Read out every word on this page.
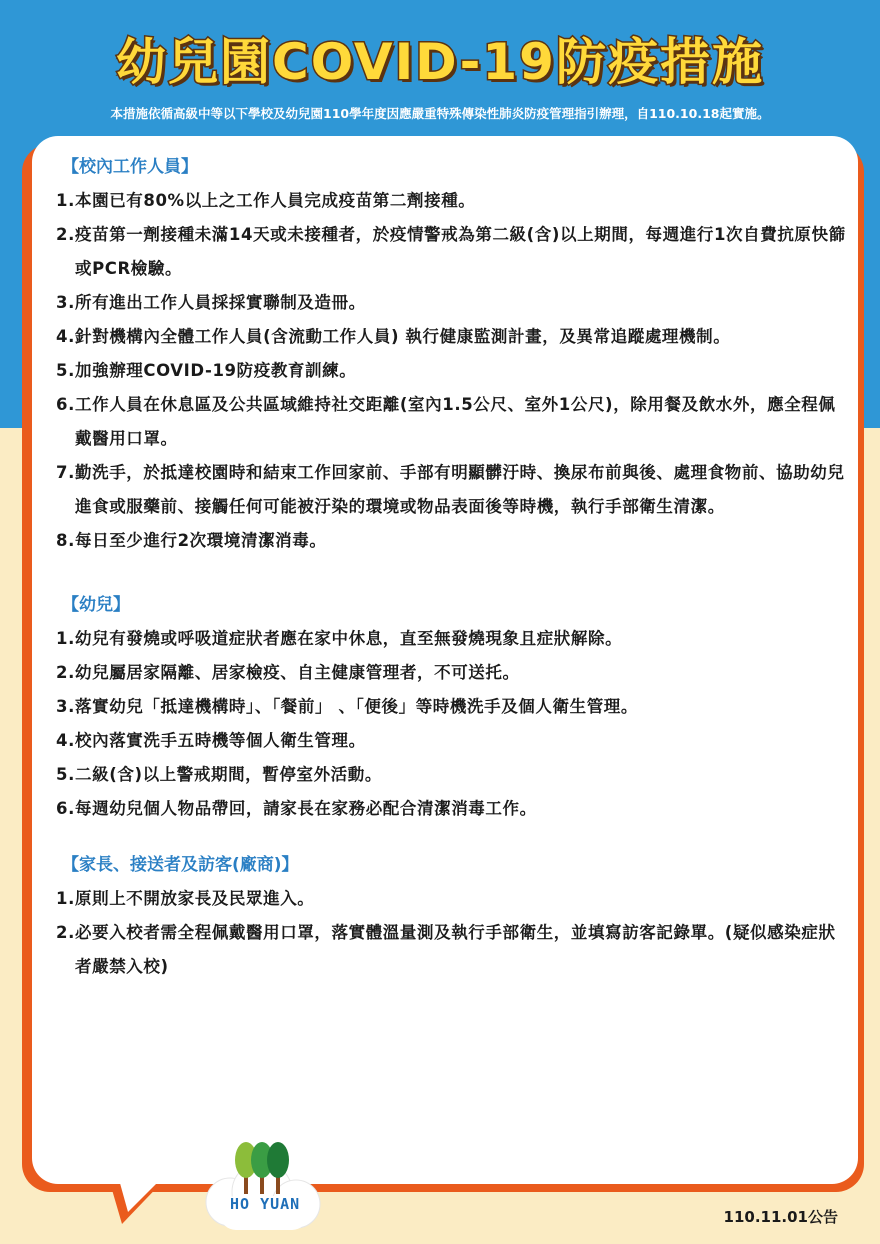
幼兒園COVID-19防疫措施
本措施依循高級中等以下學校及幼兒園110學年度因應嚴重特殊傳染性肺炎防疫管理指引辦理，自110.10.18起實施。
【校內工作人員】
1. 本園已有80%以上之工作人員完成疫苗第二劑接種。
2. 疫苗第一劑接種未滿14天或未接種者，於疫情警戒為第二級(含)以上期間，每週進行1次自費抗原快篩或PCR檢驗。
3. 所有進出工作人員採採實聯制及造冊。
4. 針對機構內全體工作人員(含流動工作人員) 執行健康監測計畫，及異常追蹤處理機制。
5. 加強辦理COVID-19防疫教育訓練。
6. 工作人員在休息區及公共區域維持社交距離(室內1.5公尺、室外1公尺)，除用餐及飲水外，應全程佩戴醫用口罩。
7. 勤洗手，於抵達校園時和結束工作回家前、手部有明顯髒汙時、換尿布前與後、處理食物前、協助幼兒進食或服藥前、接觸任何可能被汙染的環境或物品表面後等時機，執行手部衛生清潔。
8. 每日至少進行2次環境清潔消毒。
【幼兒】
1. 幼兒有發燒或呼吸道症狀者應在家中休息，直至無發燒現象且症狀解除。
2. 幼兒屬居家隔離、居家檢疫、自主健康管理者，不可送托。
3. 落實幼兒「抵達機構時」、「餐前」 、「便後」等時機洗手及個人衛生管理。
4. 校內落實洗手五時機等個人衛生管理。
5. 二級(含)以上警戒期間，暫停室外活動。
6. 每週幼兒個人物品帶回，請家長在家務必配合清潔消毒工作。
【家長、接送者及訪客(廠商)】
1. 原則上不開放家長及民眾進入。
2. 必要入校者需全程佩戴醫用口罩，落實體溫量測及執行手部衛生，並填寫訪客記錄單。(疑似感染症狀者嚴禁入校)
HO YUAN
110.11.01公告
